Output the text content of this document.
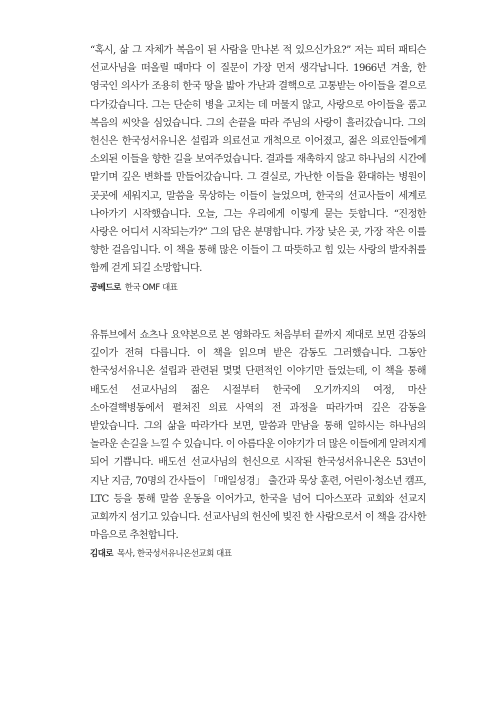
“혹시, 삶 그 자체가 복음이 된 사람을 만나본 적 있으신가요?” 저는 피터 패티슨 선교사님을 떠올릴 때마다 이 질문이 가장 먼저 생각납니다. 1966년 겨울, 한 영국인 의사가 조용히 한국 땅을 밟아 가난과 결핵으로 고통받는 아이들을 곁으로 다가갔습니다. 그는 단순히 병을 고치는 데 머물지 않고, 사랑으로 아이들을 품고 복음의 씨앗을 심었습니다. 그의 손끝을 따라 주님의 사랑이 흘러갔습니다. 그의 헌신은 한국성서유니온 설립과 의료선교 개척으로 이어졌고, 젊은 의료인들에게 소외된 이들을 향한 길을 보여주었습니다. 결과를 재촉하지 않고 하나님의 시간에 맡기며 깊은 변화를 만들어갔습니다. 그 결실로, 가난한 이들을 환대하는 병원이 곳곳에 세워지고, 말씀을 묵상하는 이들이 늘었으며, 한국의 선교사들이 세계로 나아가기 시작했습니다. 오늘, 그는 우리에게 이렇게 묻는 듯합니다. “진정한 사랑은 어디서 시작되는가?” 그의 답은 분명합니다. 가장 낮은 곳, 가장 작은 이를 향한 걸음입니다. 이 책을 통해 많은 이들이 그 따뜻하고 힘 있는 사랑의 발자취를 함께 걷게 되길 소망합니다.

공베드로 한국 OMF 대표

유튜브에서 쇼츠나 요약본으로 본 영화라도 처음부터 끝까지 제대로 보면 감동의 깊이가 전혀 다릅니다. 이 책을 읽으며 받은 감동도 그러했습니다. 그동안 한국성서유니온 설립과 관련된 몇몇 단편적인 이야기만 들었는데, 이 책을 통해 배도선 선교사님의 젊은 시절부터 한국에 오기까지의 여정, 마산 소아결핵병동에서 펼쳐진 의료 사역의 전 과정을 따라가며 깊은 감동을 받았습니다. 그의 삶을 따라가다 보면, 말씀과 만남을 통해 일하시는 하나님의 놀라운 손길을 느낄 수 있습니다. 이 아름다운 이야기가 더 많은 이들에게 알려지게 되어 기쁩니다. 배도선 선교사님의 헌신으로 시작된 한국성서유니온은 53년이 지난 지금, 70명의 간사들이 「매일성경」 출간과 묵상 훈련, 어린이·청소년 캠프, LTC 등을 통해 말씀 운동을 이어가고, 한국을 넘어 디아스포라 교회와 선교지 교회까지 섬기고 있습니다. 선교사님의 헌신에 빚진 한 사람으로서 이 책을 감사한 마음으로 추천합니다.

김대로 목사, 한국성서유니온선교회 대표
